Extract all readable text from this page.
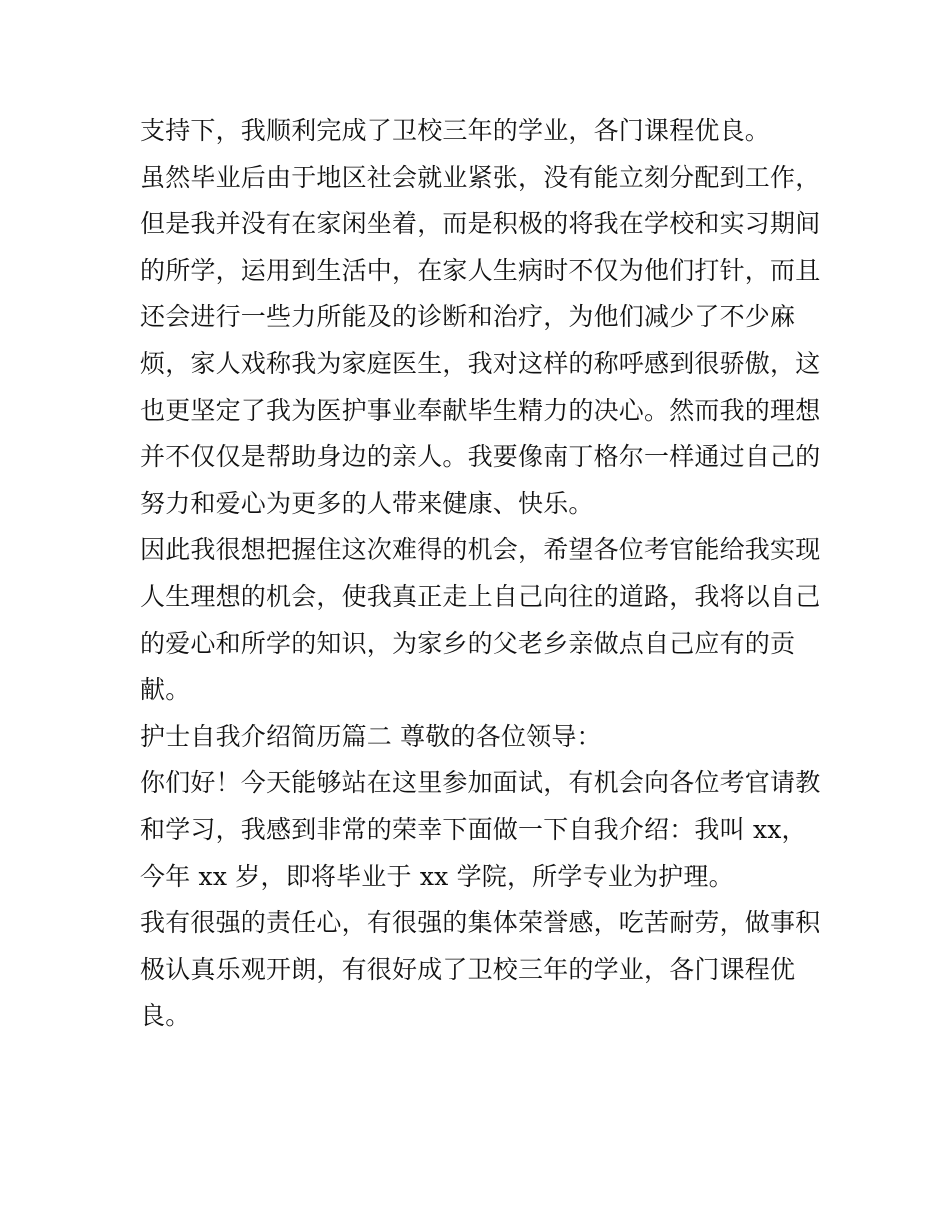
支持下，我顺利完成了卫校三年的学业，各门课程优良。
虽然毕业后由于地区社会就业紧张，没有能立刻分配到工作，
但是我并没有在家闲坐着，而是积极的将我在学校和实习期间
的所学，运用到生活中，在家人生病时不仅为他们打针，而且
还会进行一些力所能及的诊断和治疗，为他们减少了不少麻
烦，家人戏称我为家庭医生，我对这样的称呼感到很骄傲，这
也更坚定了我为医护事业奉献毕生精力的决心。然而我的理想
并不仅仅是帮助身边的亲人。我要像南丁格尔一样通过自己的
努力和爱心为更多的人带来健康、快乐。
因此我很想把握住这次难得的机会，希望各位考官能给我实现
人生理想的机会，使我真正走上自己向往的道路，我将以自己
的爱心和所学的知识，为家乡的父老乡亲做点自己应有的贡
献。
护士自我介绍简历篇二 尊敬的各位领导：
你们好！今天能够站在这里参加面试，有机会向各位考官请教
和学习，我感到非常的荣幸下面做一下自我介绍：我叫 xx，
今年 xx 岁，即将毕业于 xx 学院，所学专业为护理。
我有很强的责任心，有很强的集体荣誉感，吃苦耐劳，做事积
极认真乐观开朗，有很好成了卫校三年的学业，各门课程优
良。
